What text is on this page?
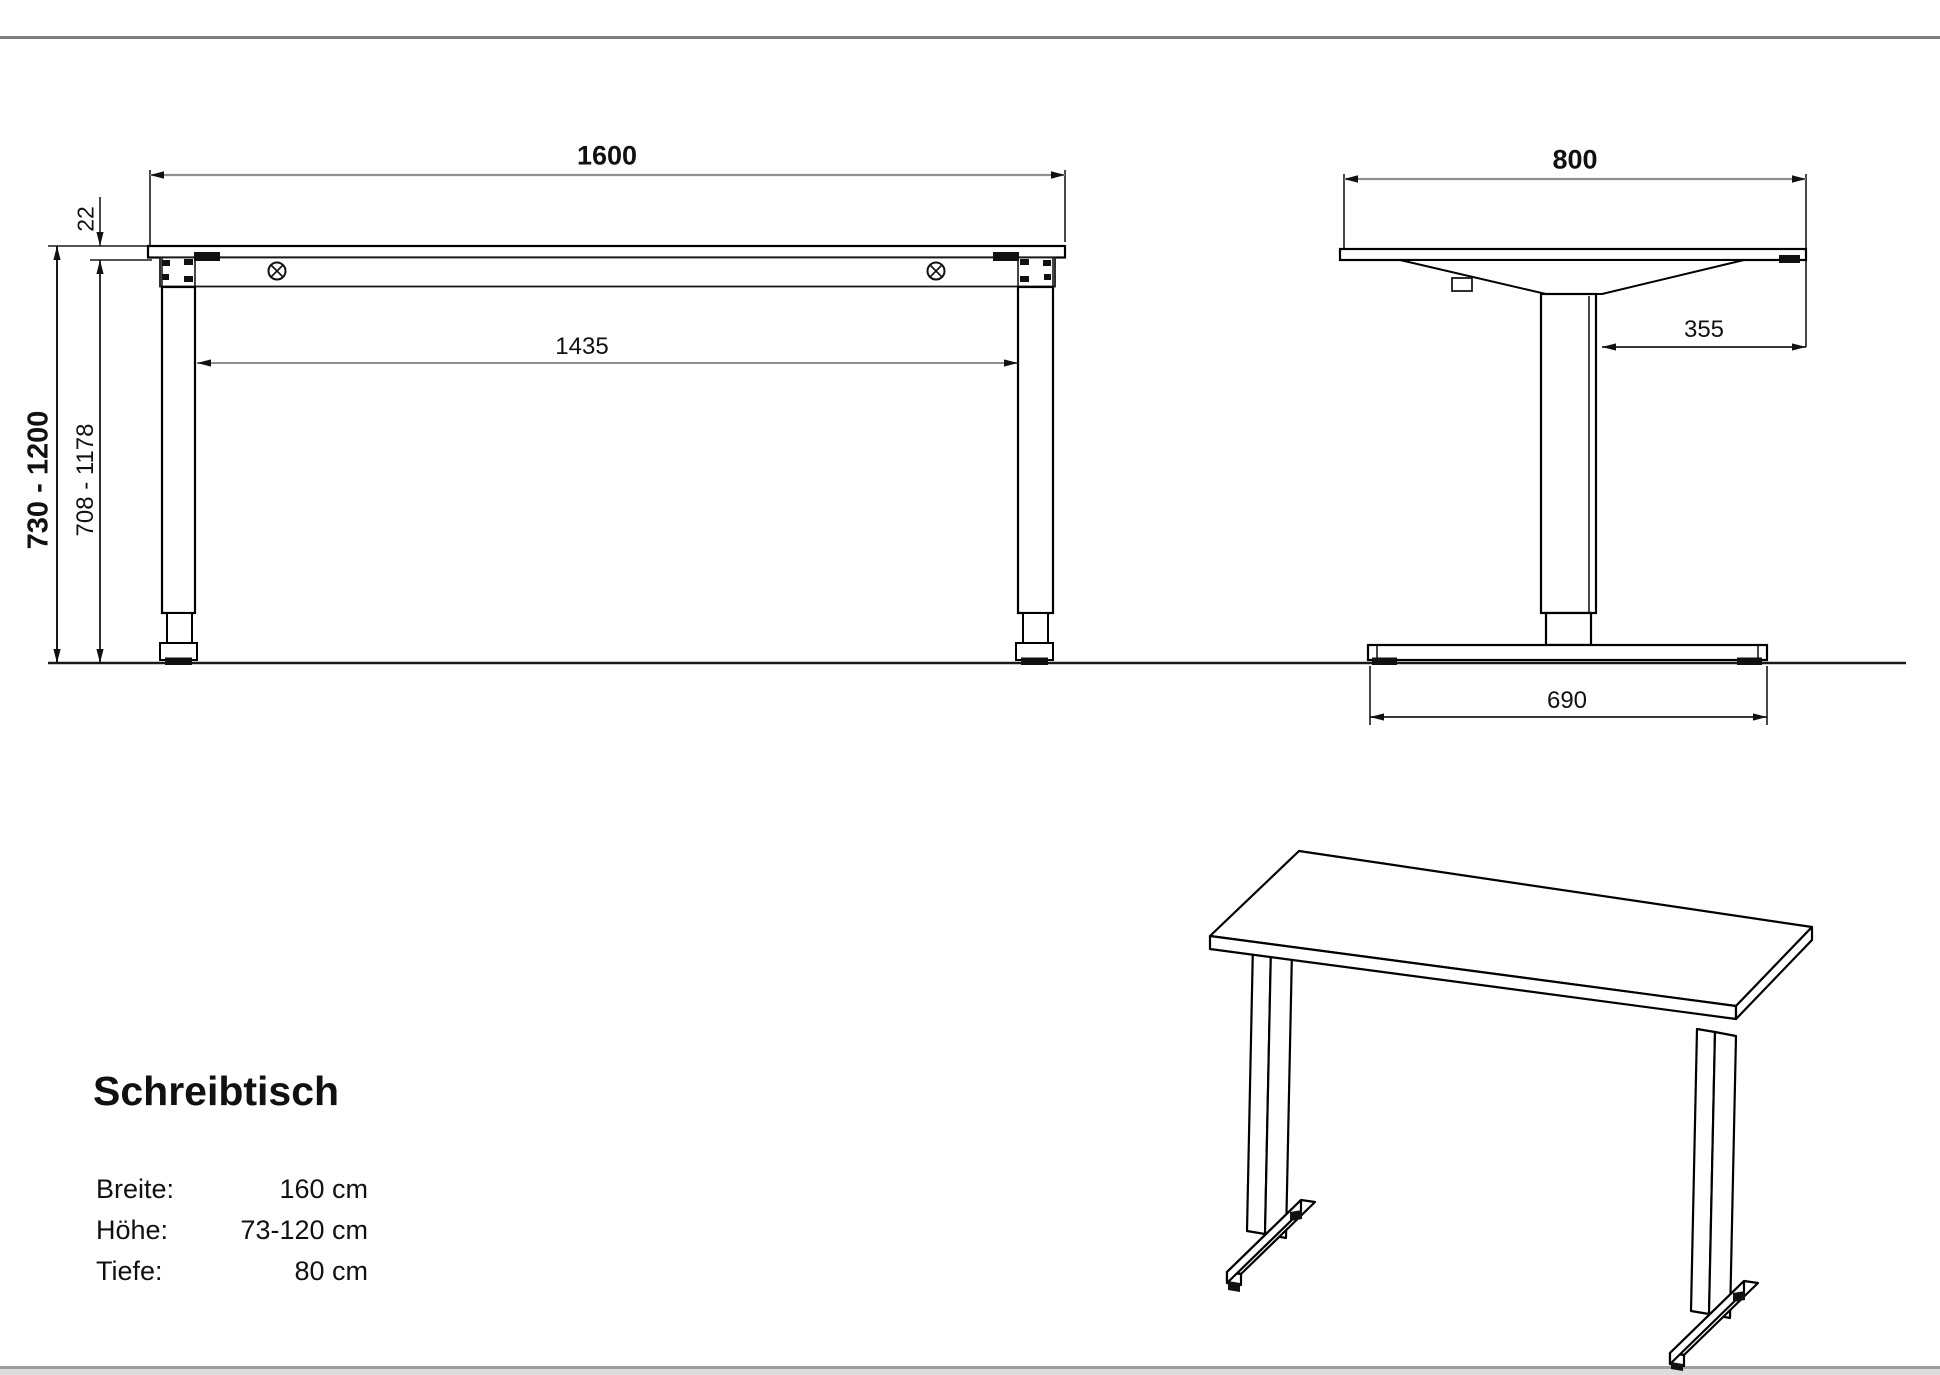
1600
22
1435
730 - 1200 708 - 1178
800
355
690
Schreibtisch
Breite:	160 cm
Höhe:	73-120 cm
Tiefe:	80 cm
